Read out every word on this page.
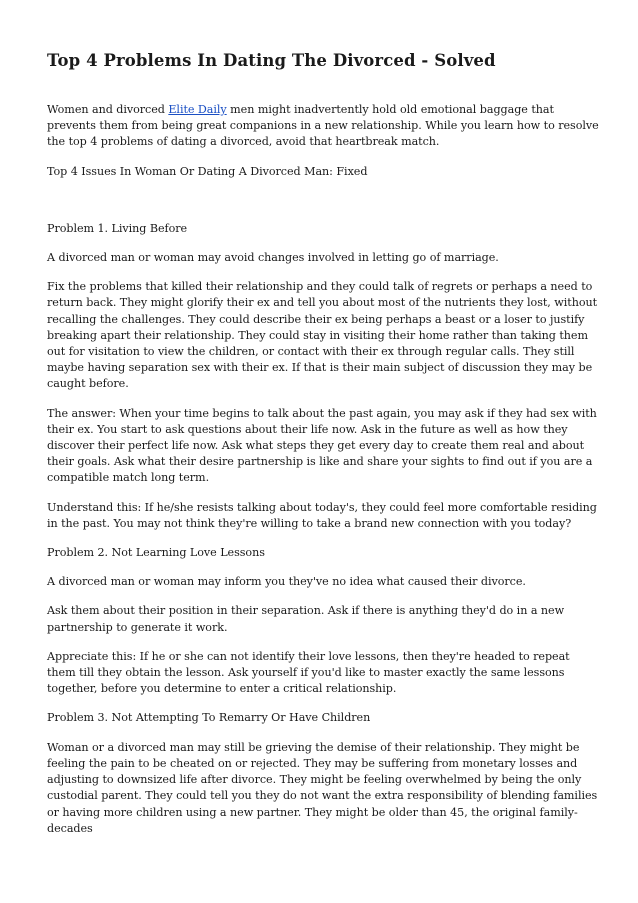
Top 4 Problems In Dating The Divorced - Solved

Women and divorced Elite Daily men might inadvertently hold old emotional baggage that prevents them from being great companions in a new relationship. While you learn how to resolve the top 4 problems of dating a divorced, avoid that heartbreak match.

Top 4 Issues In Woman Or Dating A Divorced Man: Fixed

Problem 1. Living Before

A divorced man or woman may avoid changes involved in letting go of marriage.

Fix the problems that killed their relationship and they could talk of regrets or perhaps a need to return back. They might glorify their ex and tell you about most of the nutrients they lost, without recalling the challenges. They could describe their ex being perhaps a beast or a loser to justify breaking apart their relationship. They could stay in visiting their home rather than taking them out for visitation to view the children, or contact with their ex through regular calls. They still maybe having separation sex with their ex. If that is their main subject of discussion they may be caught before.

The answer: When your time begins to talk about the past again, you may ask if they had sex with their ex. You start to ask questions about their life now. Ask in the future as well as how they discover their perfect life now. Ask what steps they get every day to create them real and about their goals. Ask what their desire partnership is like and share your sights to find out if you are a compatible match long term.

Understand this: If he/she resists talking about today's, they could feel more comfortable residing in the past. You may not think they're willing to take a brand new connection with you today?

Problem 2. Not Learning Love Lessons

A divorced man or woman may inform you they've no idea what caused their divorce.

Ask them about their position in their separation. Ask if there is anything they'd do in a new partnership to generate it work.

Appreciate this: If he or she can not identify their love lessons, then they're headed to repeat them till they obtain the lesson. Ask yourself if you'd like to master exactly the same lessons together, before you determine to enter a critical relationship.

Problem 3. Not Attempting To Remarry Or Have Children

Woman or a divorced man may still be grieving the demise of their relationship. They might be feeling the pain to be cheated on or rejected. They may be suffering from monetary losses and adjusting to downsized life after divorce. They might be feeling overwhelmed by being the only custodial parent. They could tell you they do not want the extra responsibility of blending families or having more children using a new partner. They might be older than 45, the original family- decades
